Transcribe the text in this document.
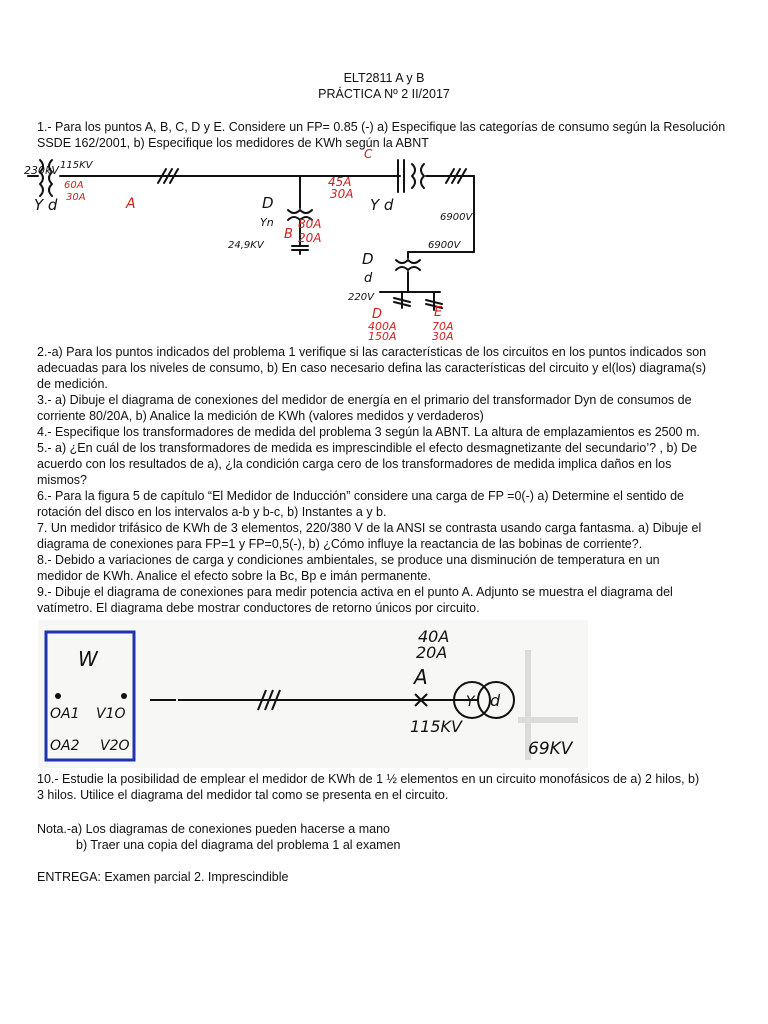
ELT2811 A y B
PRÁCTICA Nº 2 II/2017

1.- Para los puntos A, B, C, D y E. Considere un FP= 0.85 (-) a) Especifique las categorías de consumo según la Resolución

SSDE 162/2001, b) Especifique los medidores de KWh según la ABNT

230kV 115KV
60A
30A
Y d	A
45A
30A
C
Y d
6900V
6900V
D
Yn
24,9KV
B
80A
20A
D
d
220V
D
400A
150A
E
70A
30A

2.-a) Para los puntos indicados del problema 1 verifique si las características de los circuitos en los puntos indicados son

adecuadas para los niveles de consumo, b) En caso necesario defina las características del circuito y el(los) diagrama(s)

de medición.

3.- a) Dibuje el diagrama de conexiones del medidor de energía en el primario del transformador Dyn de consumos de

corriente 80/20A, b) Analice la medición de KWh (valores medidos y verdaderos)

4.- Especifique los transformadores de medida del problema 3 según la ABNT. La altura de emplazamientos es 2500 m.

5.- a) ¿En cuál de los transformadores de medida es imprescindible el efecto desmagnetizante del secundario’? , b) De

acuerdo con los resultados de a), ¿la condición carga cero de los transformadores de medida implica daños en los

mismos?

6.- Para la figura 5 de capítulo “El Medidor de Inducción” considere una carga de FP =0(-) a) Determine el sentido de

rotación del disco en los intervalos a-b y b-c, b) Instantes a y b.

7. Un medidor trifásico de KWh de 3 elementos, 220/380 V de la ANSI se contrasta usando carga fantasma. a) Dibuje el

diagrama de conexiones para FP=1 y FP=0,5(-), b) ¿Cómo influye la reactancia de las bobinas de corriente?.

8.- Debido a variaciones de carga y condiciones ambientales, se produce una disminución de temperatura en un

medidor de KWh. Analice el efecto sobre la Bc, Bp e imán permanente.

9.- Dibuje el diagrama de conexiones para medir potencia activa en el punto A. Adjunto se muestra el diagrama del

vatímetro. El diagrama debe mostrar conductores de retorno únicos por circuito.

W
OA1 V1O
OA2 V2O
40A
20A
A
115KV
69KV
Y d

10.- Estudie la posibilidad de emplear el medidor de KWh de 1 ½ elementos en un circuito monofásicos de a) 2 hilos, b)

3 hilos. Utilice el diagrama del medidor tal como se presenta en el circuito.

Nota.-a) Los diagramas de conexiones pueden hacerse a mano

b) Traer una copia del diagrama del problema 1 al examen

ENTREGA: Examen parcial 2. Imprescindible
